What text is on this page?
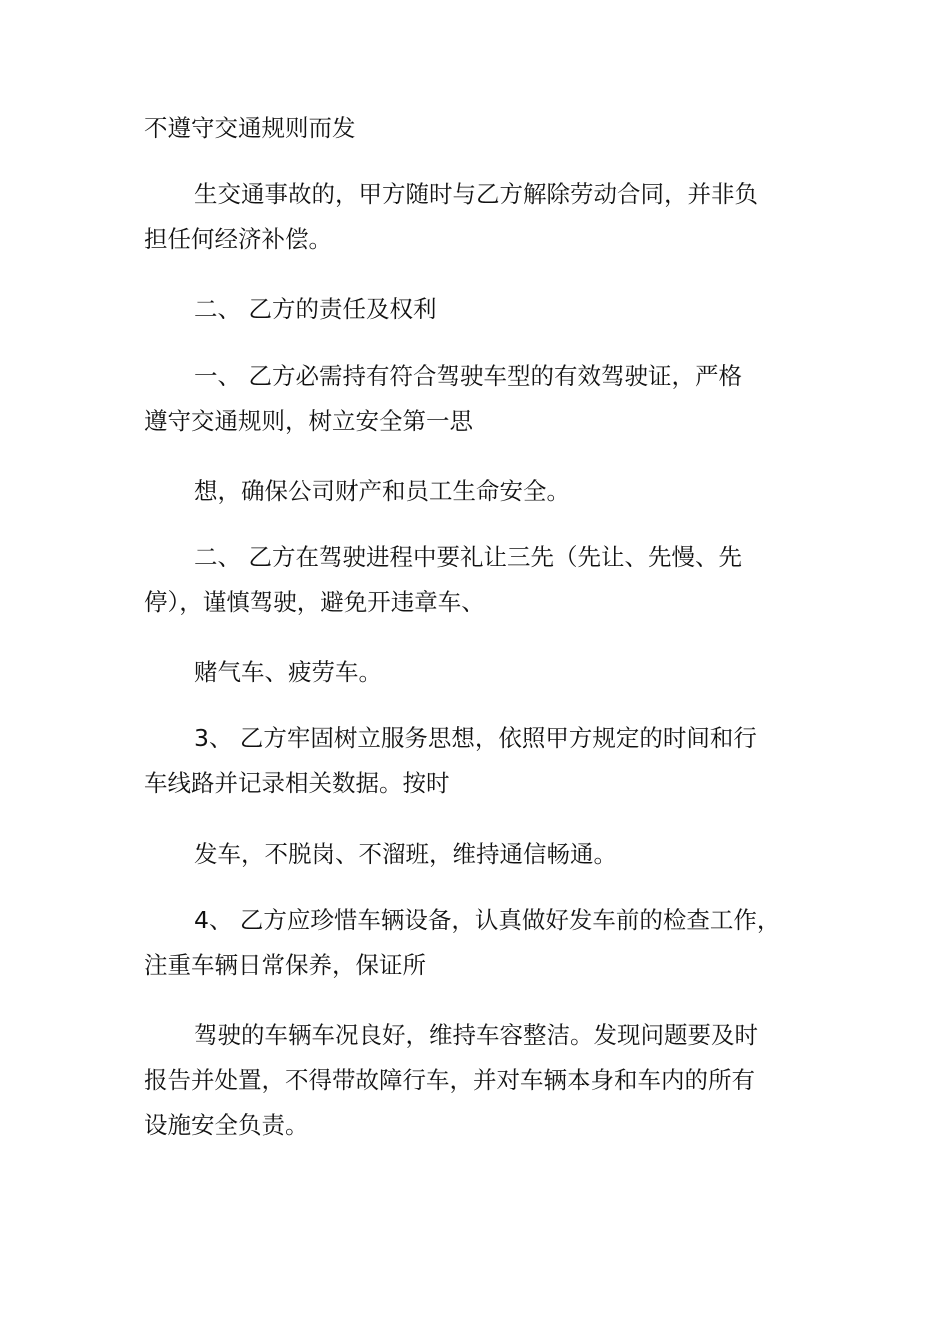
不遵守交通规则而发

生交通事故的，甲方随时与乙方解除劳动合同，并非负
担任何经济补偿。

二、 乙方的责任及权利

一、 乙方必需持有符合驾驶车型的有效驾驶证，严格
遵守交通规则，树立安全第一思

想，确保公司财产和员工生命安全。

二、 乙方在驾驶进程中要礼让三先（先让、先慢、先
停），谨慎驾驶，避免开违章车、

赌气车、疲劳车。

3、 乙方牢固树立服务思想，依照甲方规定的时间和行
车线路并记录相关数据。按时

发车，不脱岗、不溜班，维持通信畅通。

4、 乙方应珍惜车辆设备，认真做好发车前的检查工作，
注重车辆日常保养，保证所

驾驶的车辆车况良好，维持车容整洁。发现问题要及时
报告并处置，不得带故障行车，并对车辆本身和车内的所有
设施安全负责。
